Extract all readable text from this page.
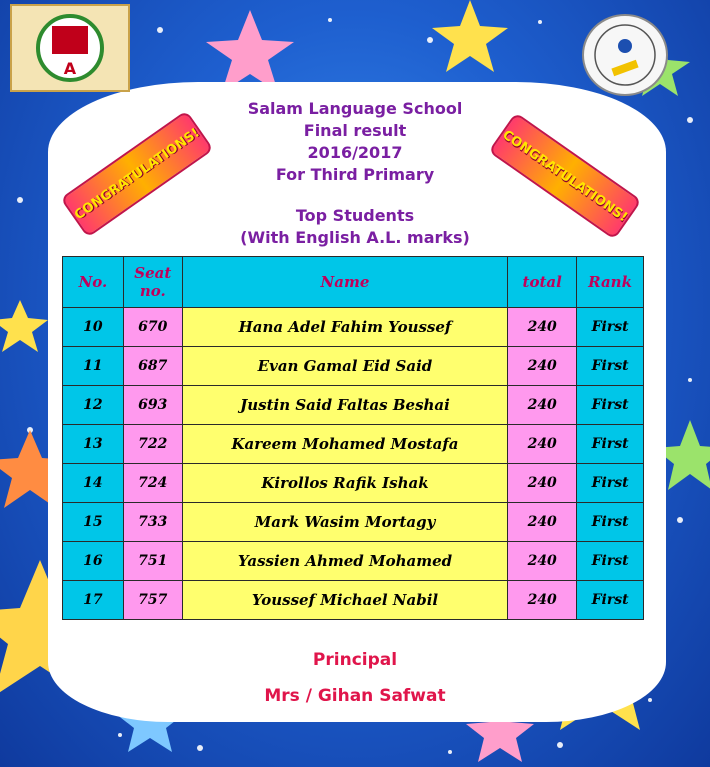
A
Salam Language School
Final result
2016/2017
For Third Primary
Top Students
(With English A.L. marks)
CONGRATULATIONS!	CONGRATULATIONS!
No.	Seat no.	Name	total	Rank
10	670	Hana Adel Fahim Youssef	240	First
11	687	Evan Gamal Eid Said	240	First
12	693	Justin Said Faltas Beshai	240	First
13	722	Kareem Mohamed Mostafa	240	First
14	724	Kirollos Rafik Ishak	240	First
15	733	Mark Wasim Mortagy	240	First
16	751	Yassien Ahmed Mohamed	240	First
17	757	Youssef Michael Nabil	240	First
Principal
Mrs / Gihan Safwat
